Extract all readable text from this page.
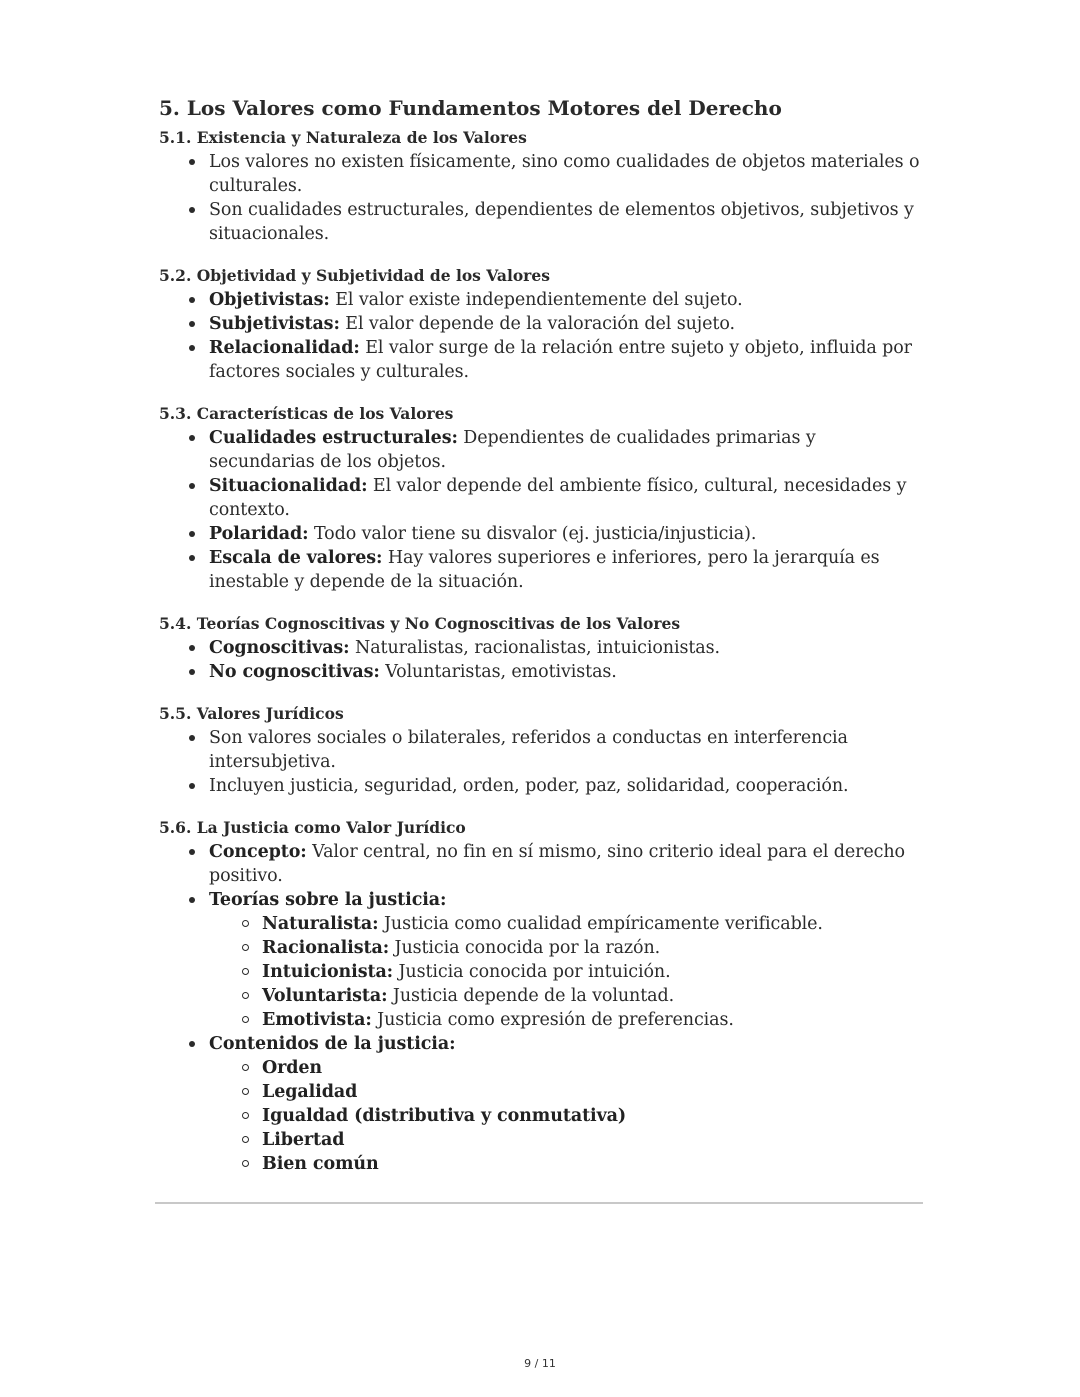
5. Los Valores como Fundamentos Motores del Derecho
5.1. Existencia y Naturaleza de los Valores
Los valores no existen físicamente, sino como cualidades de objetos materiales o culturales.
Son cualidades estructurales, dependientes de elementos objetivos, subjetivos y situacionales.
5.2. Objetividad y Subjetividad de los Valores
Objetivistas: El valor existe independientemente del sujeto.
Subjetivistas: El valor depende de la valoración del sujeto.
Relacionalidad: El valor surge de la relación entre sujeto y objeto, influida por factores sociales y culturales.
5.3. Características de los Valores
Cualidades estructurales: Dependientes de cualidades primarias y secundarias de los objetos.
Situacionalidad: El valor depende del ambiente físico, cultural, necesidades y contexto.
Polaridad: Todo valor tiene su disvalor (ej. justicia/injusticia).
Escala de valores: Hay valores superiores e inferiores, pero la jerarquía es inestable y depende de la situación.
5.4. Teorías Cognoscitivas y No Cognoscitivas de los Valores
Cognoscitivas: Naturalistas, racionalistas, intuicionistas.
No cognoscitivas: Voluntaristas, emotivistas.
5.5. Valores Jurídicos
Son valores sociales o bilaterales, referidos a conductas en interferencia intersubjetiva.
Incluyen justicia, seguridad, orden, poder, paz, solidaridad, cooperación.
5.6. La Justicia como Valor Jurídico
Concepto: Valor central, no fin en sí mismo, sino criterio ideal para el derecho positivo.
Teorías sobre la justicia:
Naturalista: Justicia como cualidad empíricamente verificable.
Racionalista: Justicia conocida por la razón.
Intuicionista: Justicia conocida por intuición.
Voluntarista: Justicia depende de la voluntad.
Emotivista: Justicia como expresión de preferencias.
Contenidos de la justicia:
Orden
Legalidad
Igualdad (distributiva y conmutativa)
Libertad
Bien común
9 / 11
